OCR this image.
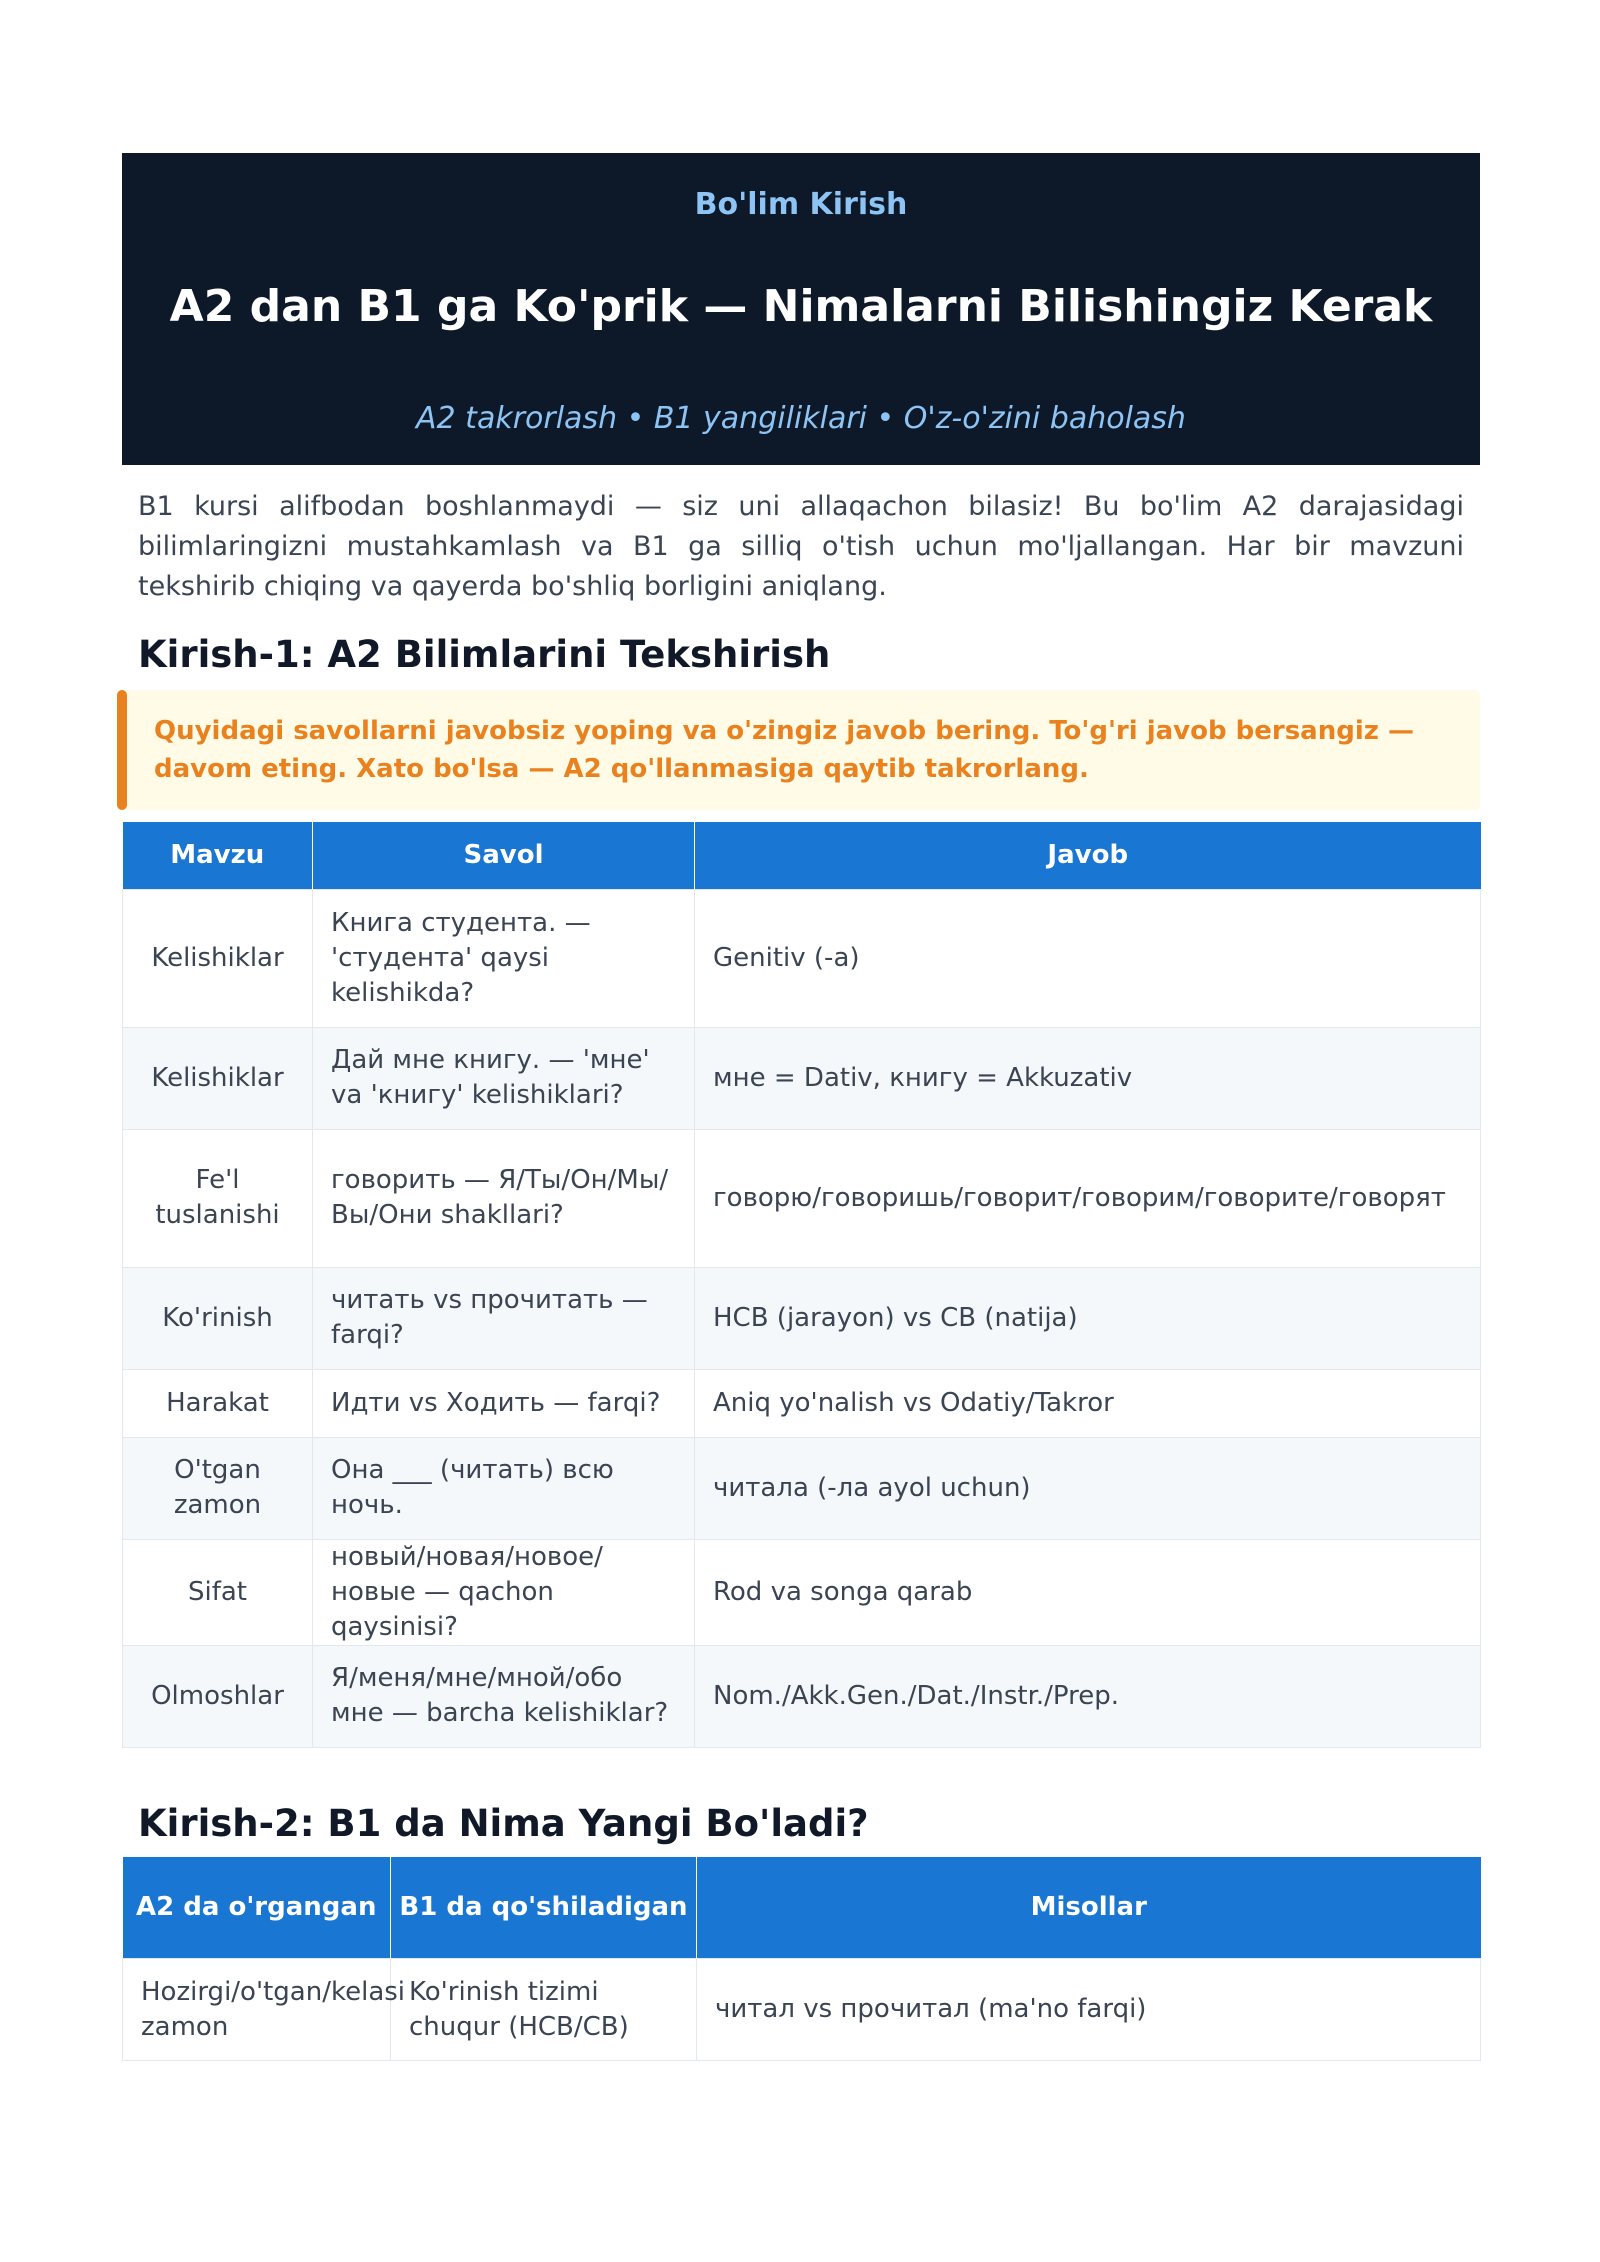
Bo'lim Kirish
A2 dan B1 ga Ko'prik — Nimalarni Bilishingiz Kerak
A2 takrorlash • B1 yangiliklari • O'z-o'zini baholash

B1 kursi alifbodan boshlanmaydi — siz uni allaqachon bilasiz! Bu bo'lim A2 darajasidagi bilimlaringizni mustahkamlash va B1 ga silliq o'tish uchun mo'ljallangan. Har bir mavzuni tekshirib chiqing va qayerda bo'shliq borligini aniqlang.

Kirish-1: A2 Bilimlarini Tekshirish
Quyidagi savollarni javobsiz yoping va o'zingiz javob bering. To'g'ri javob bersangiz — davom eting. Xato bo'lsa — A2 qo'llanmasiga qaytib takrorlang.
Mavzu	Savol	Javob
Kelishiklar	Книга студента. — 'студента' qaysi kelishikda?	Genitiv (-a)
Kelishiklar	Дай мне книгу. — 'мне' va 'книгу' kelishiklari?	мне = Dativ, книгу = Akkuzativ
Fe'l tuslanishi	говорить — Я/Ты/Он/Мы/Вы/Они shakllari?	говорю/говоришь/говорит/говорим/говорите/говорят
Ko'rinish	читать vs прочитать — farqi?	НСВ (jarayon) vs СВ (natija)
Harakat	Идти vs Ходить — farqi?	Aniq yo'nalish vs Odatiy/Takror
O'tgan zamon	Она ___ (читать) всю ночь.	читала (-ла ayol uchun)
Sifat	новый/новая/новое/новые — qachon qaysinisi?	Rod va songa qarab
Olmoshlar	Я/меня/мне/мной/обо мне — barcha kelishiklar?	Nom./Akk.Gen./Dat./Instr./Prep.
Kirish-2: B1 da Nima Yangi Bo'ladi?
A2 da o'rgangan	B1 da qo'shiladigan	Misollar
Hozirgi/o'tgan/kelasi zamon	Ko'rinish tizimi chuqur (НСВ/СВ)	читал vs прочитал (ma'no farqi)
